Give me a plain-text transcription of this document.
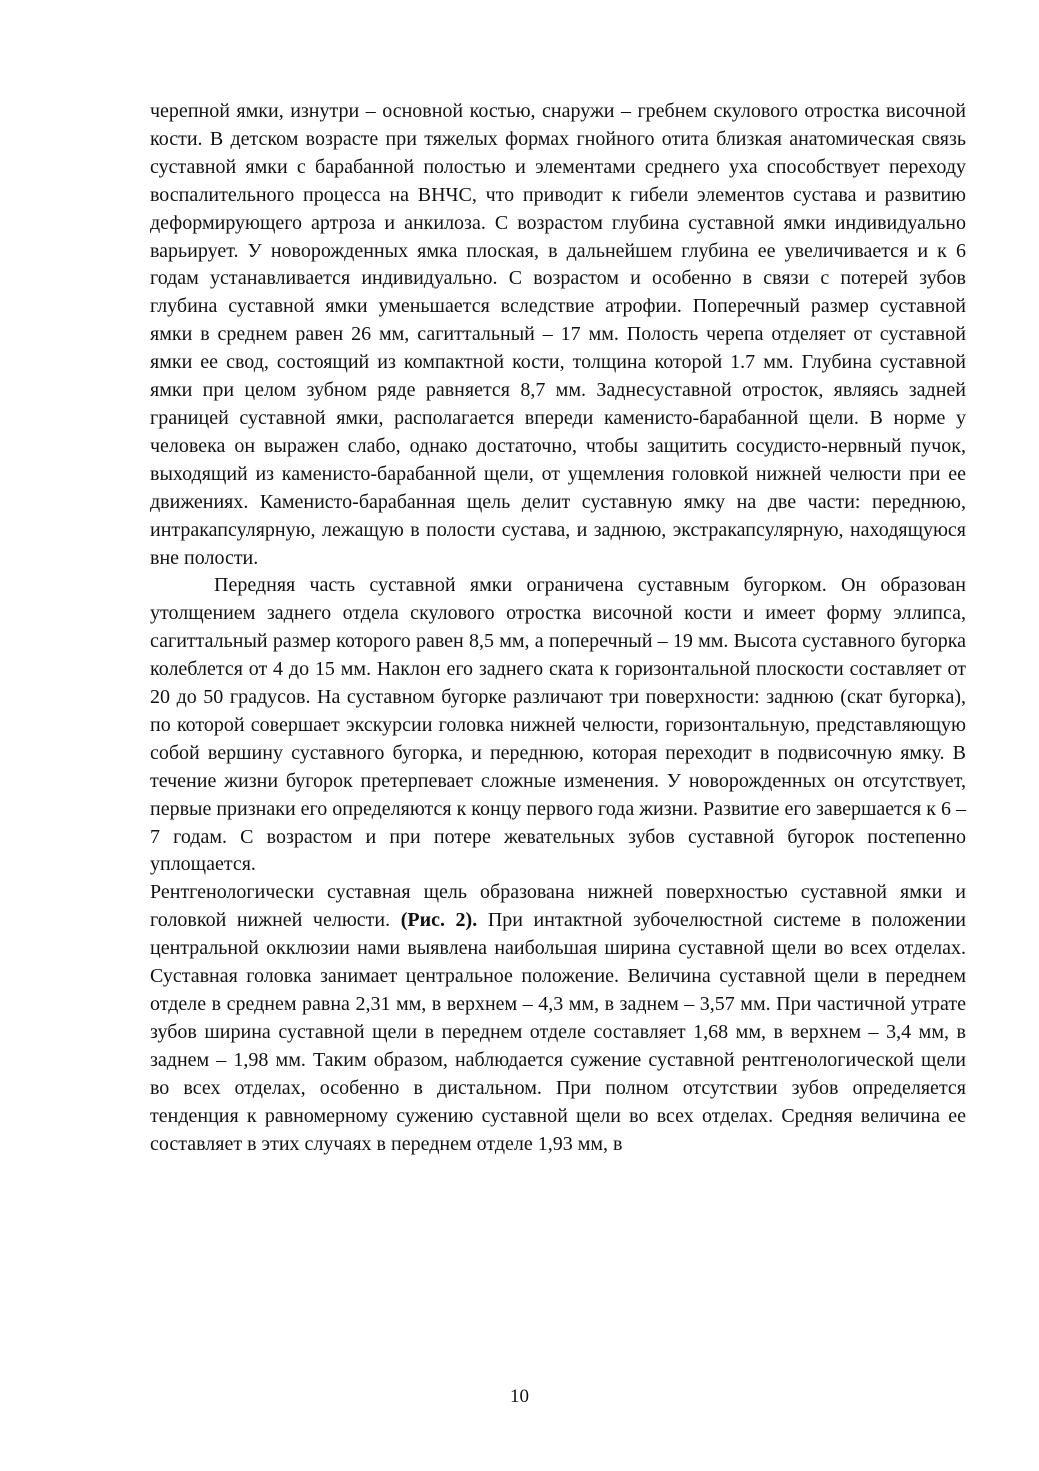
черепной ямки, изнутри – основной костью, снаружи – гребнем скулового отростка височной кости. В детском возрасте при тяжелых формах гнойного отита близкая анатомическая связь суставной ямки с барабанной полостью и элементами среднего уха способствует переходу воспалительного процесса на ВНЧС, что приводит к гибели элементов сустава и развитию деформирующего артроза и анкилоза. С возрастом глубина суставной ямки индивидуально варьирует. У новорожденных ямка плоская, в дальнейшем глубина ее увеличивается и к 6 годам устанавливается индивидуально. С возрастом и особенно в связи с потерей зубов глубина суставной ямки уменьшается вследствие атрофии. Поперечный размер суставной ямки в среднем равен 26 мм, сагиттальный – 17 мм. Полость черепа отделяет от суставной ямки ее свод, состоящий из компактной кости, толщина которой 1.7 мм. Глубина суставной ямки при целом зубном ряде равняется 8,7 мм. Заднесуставной отросток, являясь задней границей суставной ямки, располагается впереди каменисто-барабанной щели. В норме у человека он выражен слабо, однако достаточно, чтобы защитить сосудисто-нервный пучок, выходящий из каменисто-барабанной щели, от ущемления головкой нижней челюсти при ее движениях. Каменисто-барабанная щель делит суставную ямку на две части: переднюю, интракапсулярную, лежащую в полости сустава, и заднюю, экстракапсулярную, находящуюся вне полости.

Передняя часть суставной ямки ограничена суставным бугорком. Он образован утолщением заднего отдела скулового отростка височной кости и имеет форму эллипса, сагиттальный размер которого равен 8,5 мм, а поперечный – 19 мм. Высота суставного бугорка колеблется от 4 до 15 мм. Наклон его заднего ската к горизонтальной плоскости составляет от 20 до 50 градусов. На суставном бугорке различают три поверхности: заднюю (скат бугорка), по которой совершает экскурсии головка нижней челюсти, горизонтальную, представляющую собой вершину суставного бугорка, и переднюю, которая переходит в подвисочную ямку. В течение жизни бугорок претерпевает сложные изменения. У новорожденных он отсутствует, первые признаки его определяются к концу первого года жизни. Развитие его завершается к 6 –7 годам. С возрастом и при потере жевательных зубов суставной бугорок постепенно уплощается.

Рентгенологически суставная щель образована нижней поверхностью суставной ямки и головкой нижней челюсти. (Рис. 2). При интактной зубочелюстной системе в положении центральной окклюзии нами выявлена наибольшая ширина суставной щели во всех отделах. Суставная головка занимает центральное положение. Величина суставной щели в переднем отделе в среднем равна 2,31 мм, в верхнем – 4,3 мм, в заднем – 3,57 мм. При частичной утрате зубов ширина суставной щели в переднем отделе составляет 1,68 мм, в верхнем – 3,4 мм, в заднем – 1,98 мм. Таким образом, наблюдается сужение суставной рентгенологической щели во всех отделах, особенно в дистальном. При полном отсутствии зубов определяется тенденция к равномерному сужению суставной щели во всех отделах. Средняя величина ее составляет в этих случаях в переднем отделе 1,93 мм, в

10
